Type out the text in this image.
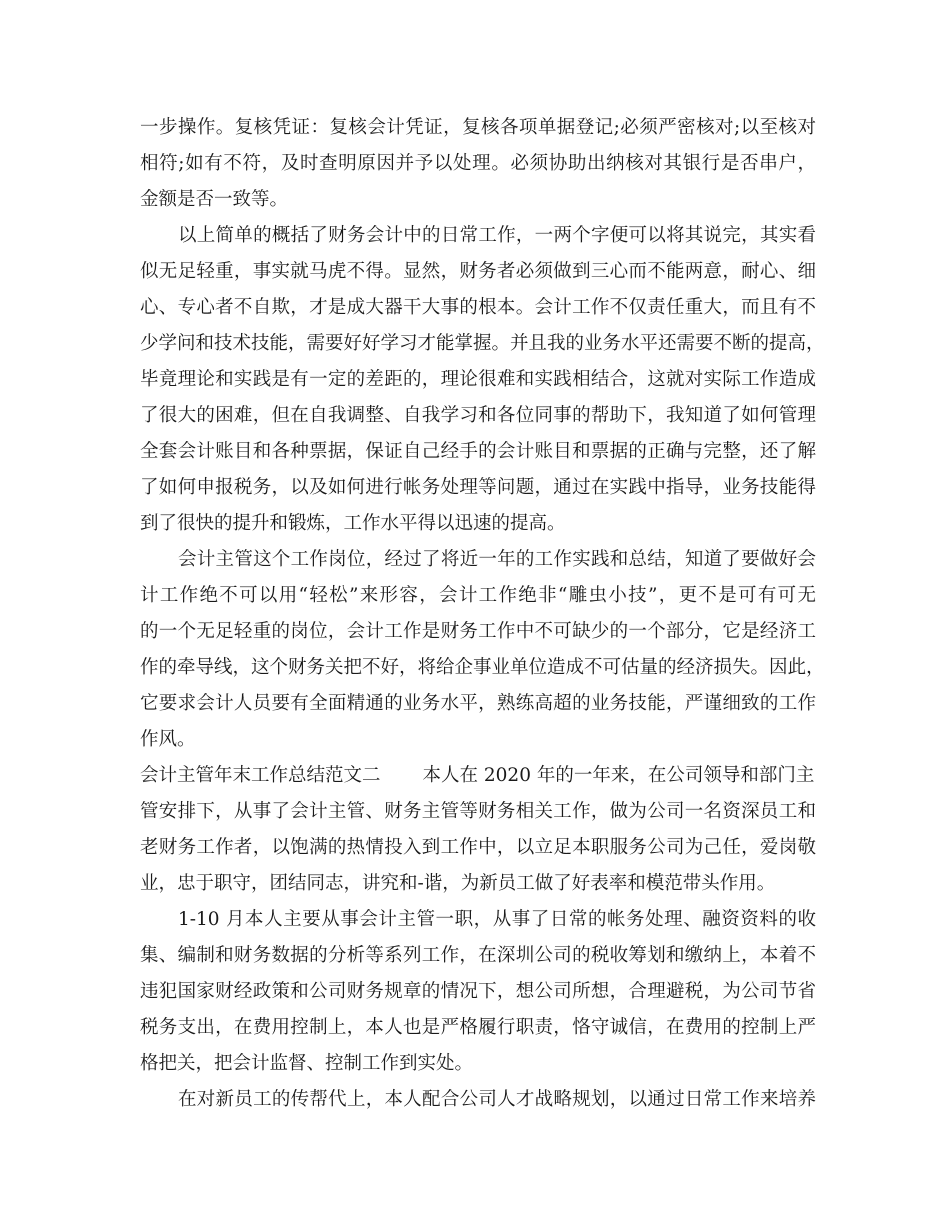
一步操作。复核凭证：复核会计凭证，复核各项单据登记;必须严密核对;以至核对
相符;如有不符，及时查明原因并予以处理。必须协助出纳核对其银行是否串户，
金额是否一致等。
以上简单的概括了财务会计中的日常工作，一两个字便可以将其说完，其实看
似无足轻重，事实就马虎不得。显然，财务者必须做到三心而不能两意，耐心、细
心、专心者不自欺，才是成大器干大事的根本。会计工作不仅责任重大，而且有不
少学问和技术技能，需要好好学习才能掌握。并且我的业务水平还需要不断的提高，
毕竟理论和实践是有一定的差距的，理论很难和实践相结合，这就对实际工作造成
了很大的困难，但在自我调整、自我学习和各位同事的帮助下，我知道了如何管理
全套会计账目和各种票据，保证自己经手的会计账目和票据的正确与完整，还了解
了如何申报税务，以及如何进行帐务处理等问题，通过在实践中指导，业务技能得
到了很快的提升和锻炼，工作水平得以迅速的提高。
会计主管这个工作岗位，经过了将近一年的工作实践和总结，知道了要做好会
计工作绝不可以用“轻松”来形容，会计工作绝非“雕虫小技”，更不是可有可无
的一个无足轻重的岗位，会计工作是财务工作中不可缺少的一个部分，它是经济工
作的牵导线，这个财务关把不好，将给企事业单位造成不可估量的经济损失。因此，
它要求会计人员要有全面精通的业务水平，熟练高超的业务技能，严谨细致的工作
作风。
会计主管年末工作总结范文二 本人在 2020 年的一年来，在公司领导和部门主
管安排下，从事了会计主管、财务主管等财务相关工作，做为公司一名资深员工和
老财务工作者，以饱满的热情投入到工作中，以立足本职服务公司为己任，爱岗敬
业，忠于职守，团结同志，讲究和-谐，为新员工做了好表率和模范带头作用。
1-10 月本人主要从事会计主管一职，从事了日常的帐务处理、融资资料的收
集、编制和财务数据的分析等系列工作，在深圳公司的税收筹划和缴纳上，本着不
违犯国家财经政策和公司财务规章的情况下，想公司所想，合理避税，为公司节省
税务支出，在费用控制上，本人也是严格履行职责，恪守诚信，在费用的控制上严
格把关，把会计监督、控制工作到实处。
在对新员工的传帮代上，本人配合公司人才战略规划，以通过日常工作来培养
